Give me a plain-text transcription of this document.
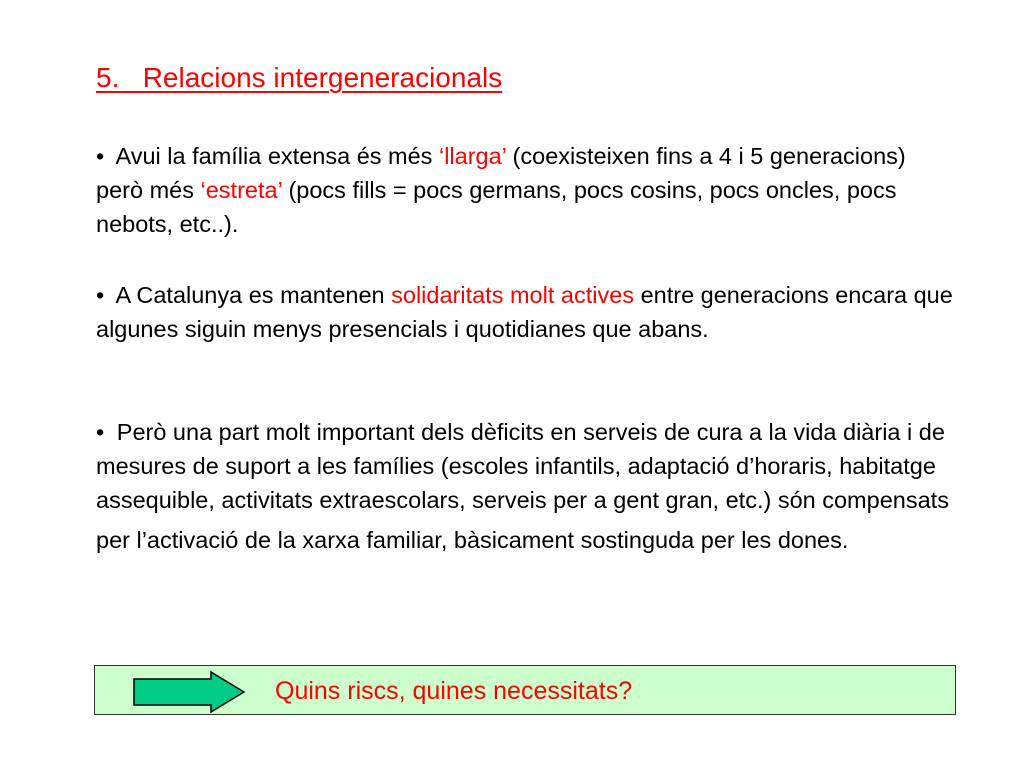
5.   Relacions intergeneracionals

• Avui la família extensa és més ‘llarga’ (coexisteixen fins a 4 i 5 generacions) però més ‘estreta’ (pocs fills = pocs germans, pocs cosins, pocs oncles, pocs nebots, etc..).

• A Catalunya es mantenen solidaritats molt actives entre generacions encara que algunes siguin menys presencials i quotidianes que abans.

• Però una part molt important dels dèficits en serveis de cura a la vida diària i de mesures de suport a les famílies (escoles infantils, adaptació d’horaris, habitatge assequible, activitats extraescolars, serveis per a gent gran, etc.) són compensats per l’activació de la xarxa familiar, bàsicament sostinguda per les dones.

Quins riscs, quines necessitats?
